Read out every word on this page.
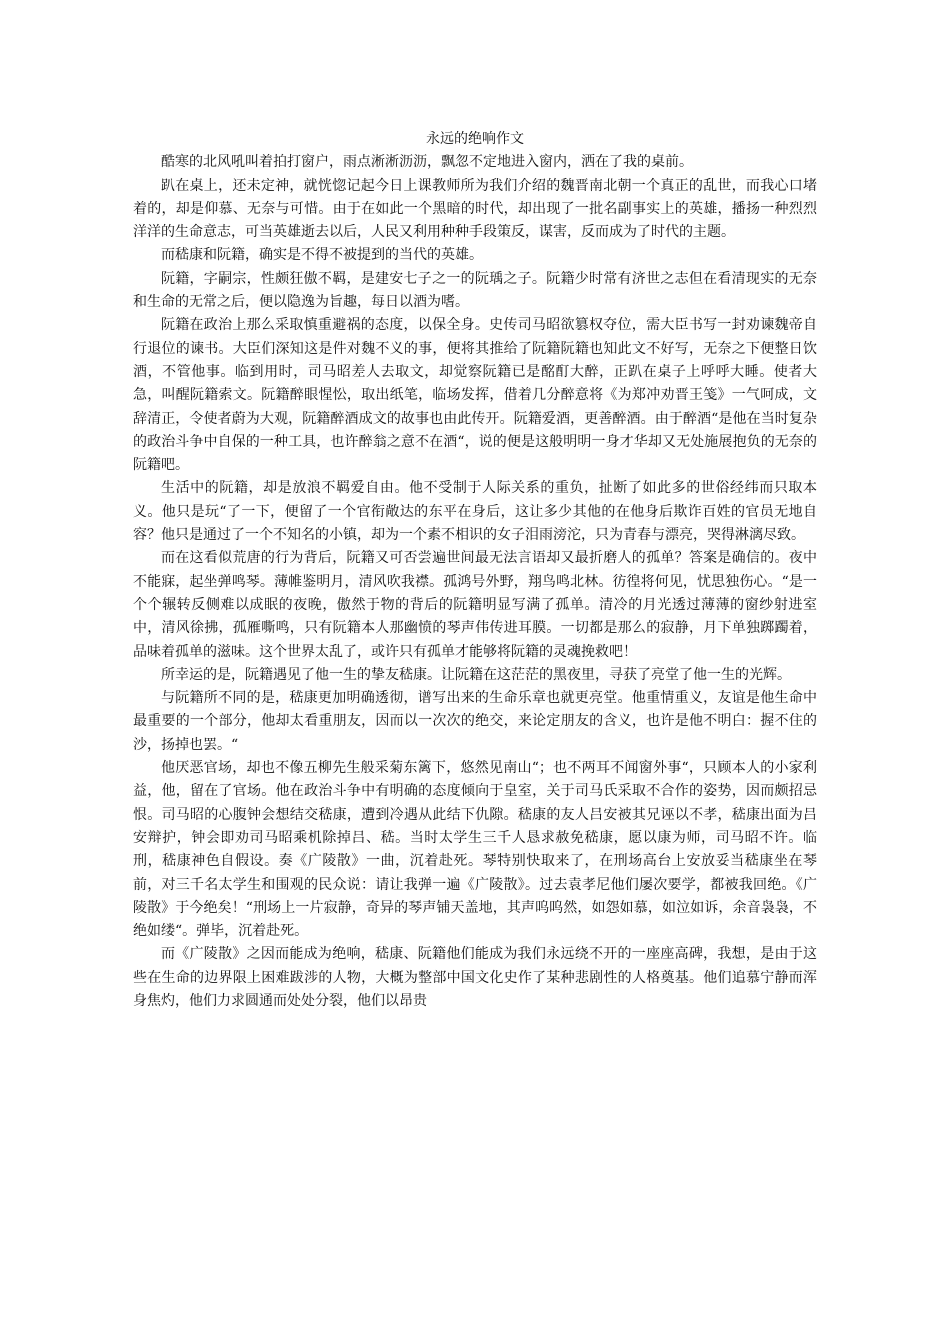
永远的绝响作文

酷寒的北风吼叫着拍打窗户，雨点淅淅沥沥，飘忽不定地进入窗内，洒在了我的桌前。

趴在桌上，还未定神，就恍惚记起今日上课教师所为我们介绍的魏晋南北朝一个真正的乱世，而我心口堵着的，却是仰慕、无奈与可惜。由于在如此一个黑暗的时代，却出现了一批名副事实上的英雄，播扬一种烈烈洋洋的生命意志，可当英雄逝去以后，人民又利用种种手段策反，谋害，反而成为了时代的主题。

而嵇康和阮籍，确实是不得不被提到的当代的英雄。

阮籍，字嗣宗，性颇狂傲不羁，是建安七子之一的阮瑀之子。阮籍少时常有济世之志但在看清现实的无奈和生命的无常之后，便以隐逸为旨趣，每日以酒为嗜。

阮籍在政治上那么采取慎重避祸的态度，以保全身。史传司马昭欲篡权夺位，需大臣书写一封劝谏魏帝自行退位的谏书。大臣们深知这是件对魏不义的事，便将其推给了阮籍阮籍也知此文不好写，无奈之下便整日饮酒，不管他事。临到用时，司马昭差人去取文，却觉察阮籍已是酩酊大醉，正趴在桌子上呼呼大睡。使者大急，叫醒阮籍索文。阮籍醉眼惺忪，取出纸笔，临场发挥，借着几分醉意将《为郑冲劝晋王笺》一气呵成，文辞清正，令使者蔚为大观，阮籍醉酒成文的故事也由此传开。阮籍爱酒，更善醉酒。由于醉酒“是他在当时复杂的政治斗争中自保的一种工具，也许醉翁之意不在酒“，说的便是这般明明一身才华却又无处施展抱负的无奈的阮籍吧。

生活中的阮籍，却是放浪不羁爱自由。他不受制于人际关系的重负，扯断了如此多的世俗经纬而只取本义。他只是玩“了一下，便留了一个官衔敞达的东平在身后，这让多少其他的在他身后欺诈百姓的官员无地自容？他只是通过了一个不知名的小镇，却为一个素不相识的女子泪雨滂沱，只为青春与漂亮，哭得淋漓尽致。

而在这看似荒唐的行为背后，阮籍又可否尝遍世间最无法言语却又最折磨人的孤单？答案是确信的。夜中不能寐，起坐弹鸣琴。薄帷鉴明月，清风吹我襟。孤鸿号外野，翔鸟鸣北林。彷徨将何见，忧思独伤心。“是一个个辗转反侧难以成眠的夜晚，傲然于物的背后的阮籍明显写满了孤单。清冷的月光透过薄薄的窗纱射进室中，清风徐拂，孤雁嘶鸣，只有阮籍本人那幽愤的琴声伟传进耳膜。一切都是那么的寂静，月下单独踯躅着，品味着孤单的滋味。这个世界太乱了，或许只有孤单才能够将阮籍的灵魂挽救吧！

所幸运的是，阮籍遇见了他一生的挚友嵇康。让阮籍在这茫茫的黑夜里，寻获了亮堂了他一生的光辉。

与阮籍所不同的是，嵇康更加明确透彻，谱写出来的生命乐章也就更亮堂。他重情重义，友谊是他生命中最重要的一个部分，他却太看重朋友，因而以一次次的绝交，来论定朋友的含义，也许是他不明白：握不住的沙，扬掉也罢。“

他厌恶官场，却也不像五柳先生般采菊东篱下，悠然见南山“；也不两耳不闻窗外事“，只顾本人的小家利益，他，留在了官场。他在政治斗争中有明确的态度倾向于皇室，关于司马氏采取不合作的姿势，因而颇招忌恨。司马昭的心腹钟会想结交嵇康，遭到冷遇从此结下仇隙。嵇康的友人吕安被其兄诬以不孝，嵇康出面为吕安辩护，钟会即劝司马昭乘机除掉吕、嵇。当时太学生三千人恳求赦免嵇康，愿以康为师，司马昭不许。临刑，嵇康神色自假设。奏《广陵散》一曲，沉着赴死。琴特别快取来了，在刑场高台上安放妥当嵇康坐在琴前，对三千名太学生和围观的民众说：请让我弹一遍《广陵散》。过去袁孝尼他们屡次要学，都被我回绝。《广陵散》于今绝矣！“刑场上一片寂静，奇异的琴声铺天盖地，其声呜呜然，如怨如慕，如泣如诉，余音袅袅，不绝如缕“。弹毕，沉着赴死。

而《广陵散》之因而能成为绝响，嵇康、阮籍他们能成为我们永远绕不开的一座座高碑，我想，是由于这些在生命的边界限上困难跋涉的人物，大概为整部中国文化史作了某种悲剧性的人格奠基。他们追慕宁静而浑身焦灼，他们力求圆通而处处分裂，他们以昂贵
